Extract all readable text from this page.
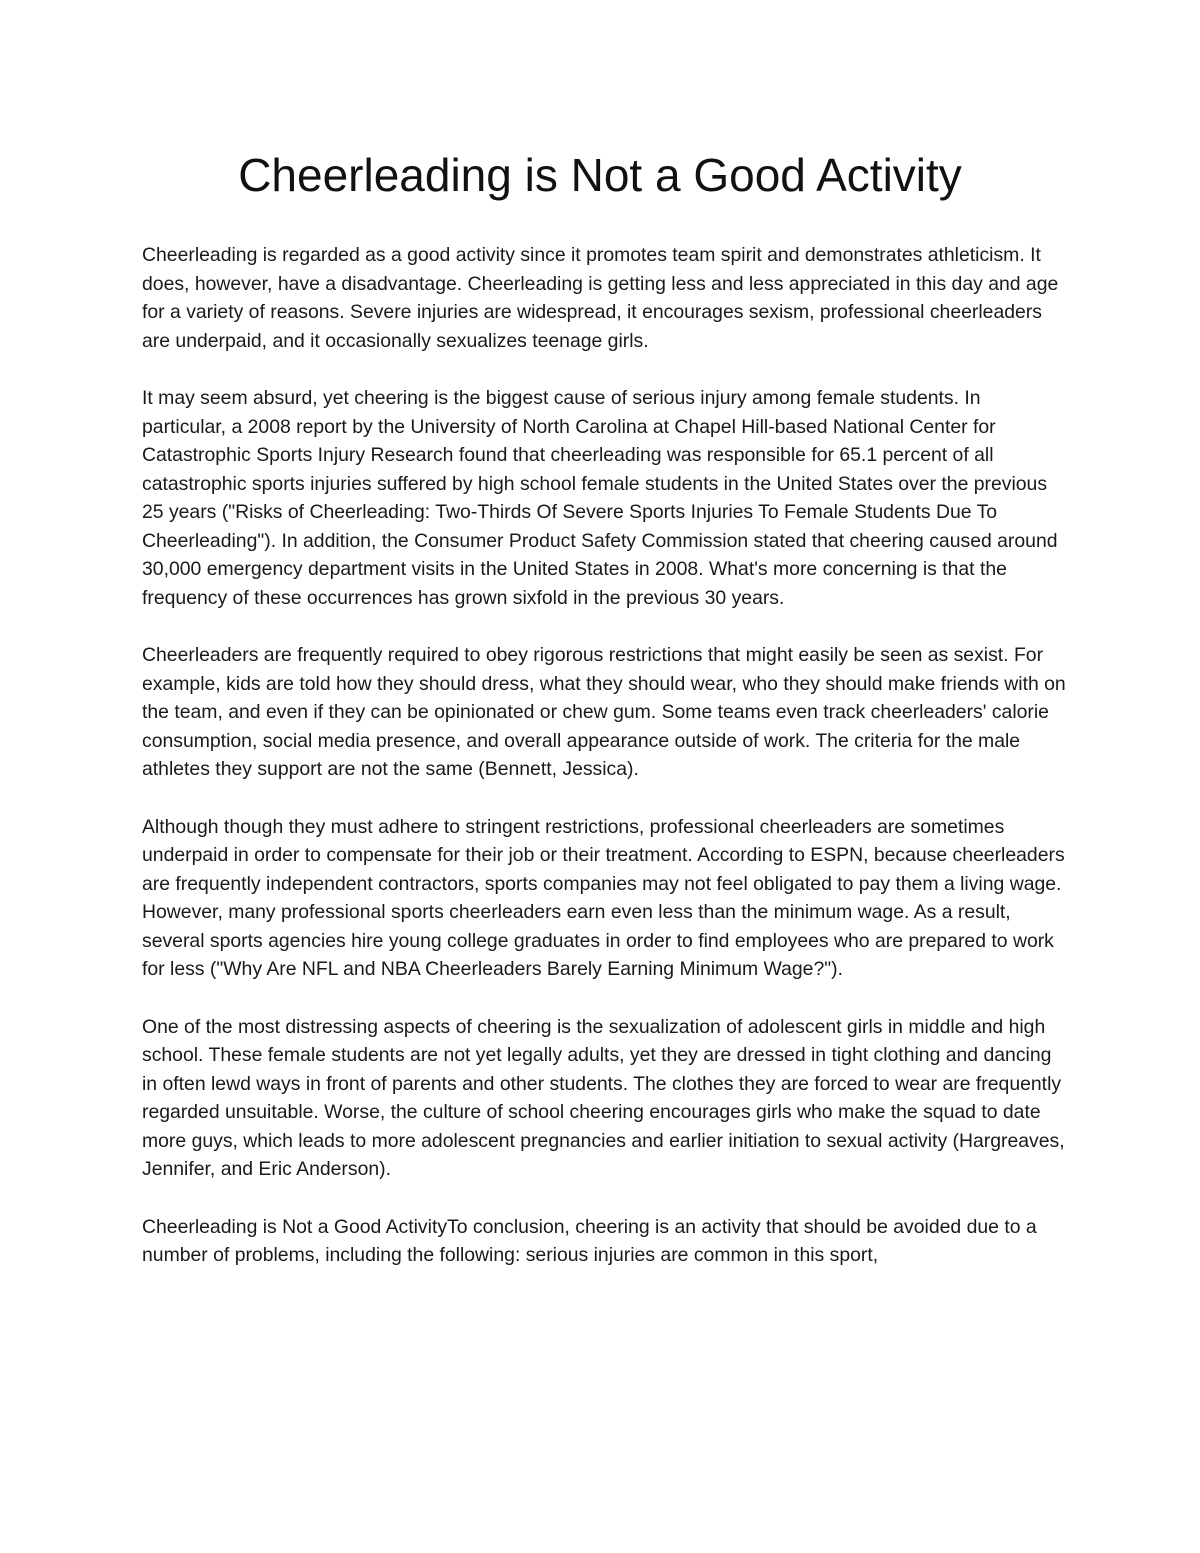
Cheerleading is Not a Good Activity

Cheerleading is regarded as a good activity since it promotes team spirit and demonstrates athleticism. It does, however, have a disadvantage. Cheerleading is getting less and less appreciated in this day and age for a variety of reasons. Severe injuries are widespread, it encourages sexism, professional cheerleaders are underpaid, and it occasionally sexualizes teenage girls.

It may seem absurd, yet cheering is the biggest cause of serious injury among female students. In particular, a 2008 report by the University of North Carolina at Chapel Hill-based National Center for Catastrophic Sports Injury Research found that cheerleading was responsible for 65.1 percent of all catastrophic sports injuries suffered by high school female students in the United States over the previous 25 years ("Risks of Cheerleading: Two-Thirds Of Severe Sports Injuries To Female Students Due To Cheerleading"). In addition, the Consumer Product Safety Commission stated that cheering caused around 30,000 emergency department visits in the United States in 2008. What's more concerning is that the frequency of these occurrences has grown sixfold in the previous 30 years.

Cheerleaders are frequently required to obey rigorous restrictions that might easily be seen as sexist. For example, kids are told how they should dress, what they should wear, who they should make friends with on the team, and even if they can be opinionated or chew gum. Some teams even track cheerleaders' calorie consumption, social media presence, and overall appearance outside of work. The criteria for the male athletes they support are not the same (Bennett, Jessica).

Although though they must adhere to stringent restrictions, professional cheerleaders are sometimes underpaid in order to compensate for their job or their treatment. According to ESPN, because cheerleaders are frequently independent contractors, sports companies may not feel obligated to pay them a living wage. However, many professional sports cheerleaders earn even less than the minimum wage. As a result, several sports agencies hire young college graduates in order to find employees who are prepared to work for less ("Why Are NFL and NBA Cheerleaders Barely Earning Minimum Wage?").

One of the most distressing aspects of cheering is the sexualization of adolescent girls in middle and high school. These female students are not yet legally adults, yet they are dressed in tight clothing and dancing in often lewd ways in front of parents and other students. The clothes they are forced to wear are frequently regarded unsuitable. Worse, the culture of school cheering encourages girls who make the squad to date more guys, which leads to more adolescent pregnancies and earlier initiation to sexual activity (Hargreaves, Jennifer, and Eric Anderson).

Cheerleading is Not a Good ActivityTo conclusion, cheering is an activity that should be avoided due to a number of problems, including the following: serious injuries are common in this sport,
